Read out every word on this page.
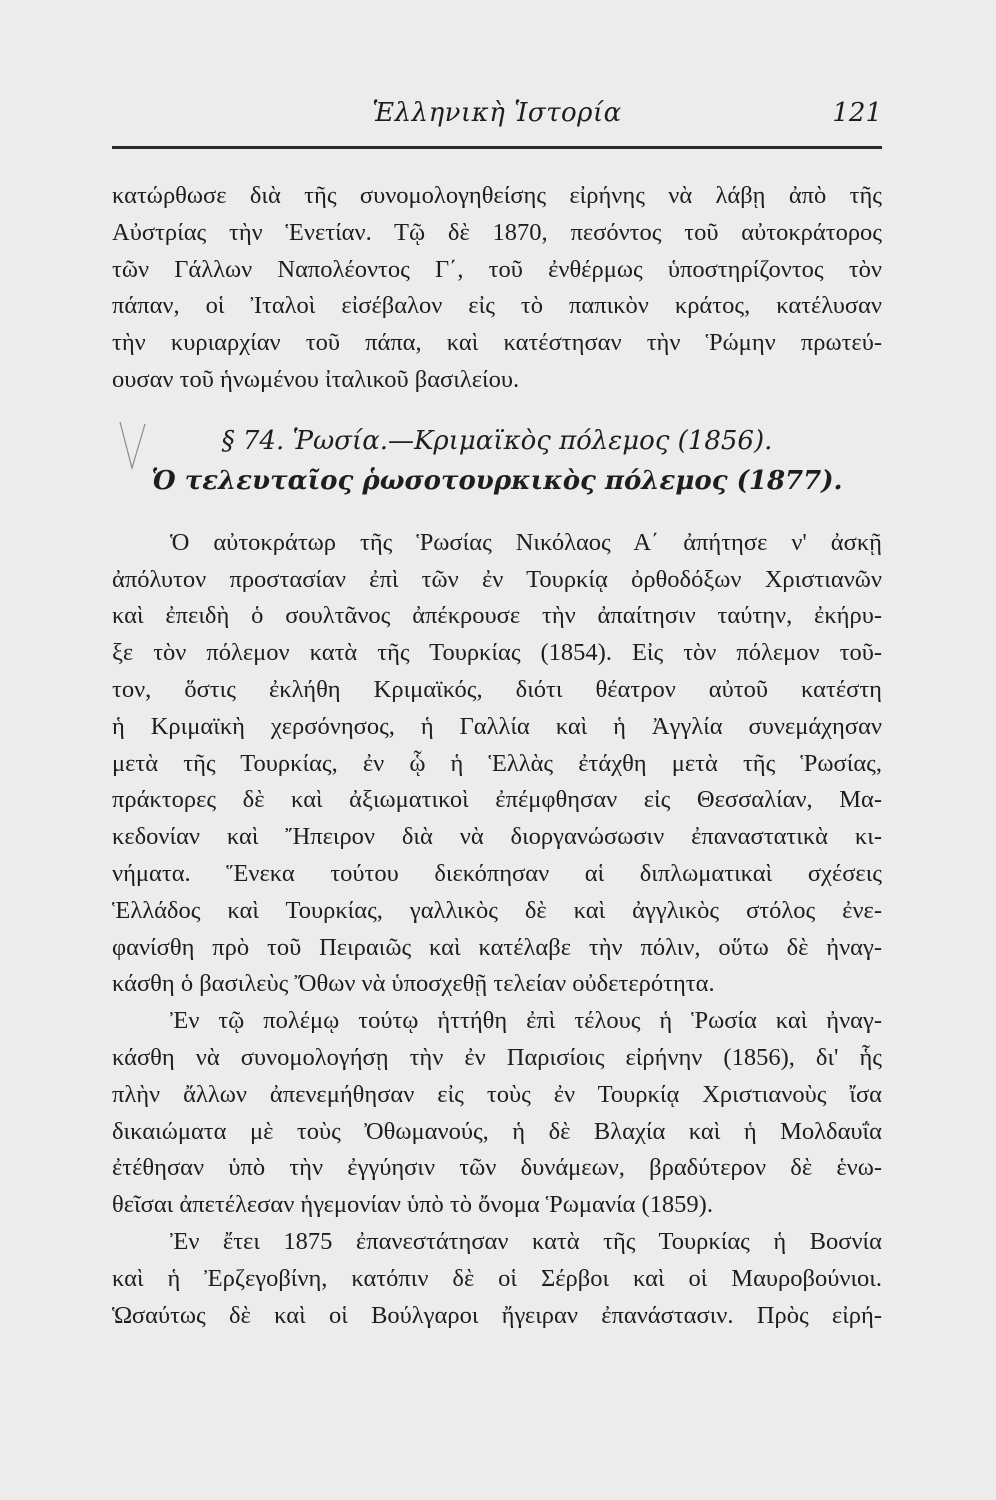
Ἑλληνικὴ Ἱστορία	121
κατώρθωσε διὰ τῆς συνομολογηθείσης εἰρήνης νὰ λάβῃ ἀπὸ τῆς
Αὐστρίας τὴν Ἑνετίαν. Τῷ δὲ 1870, πεσόντος τοῦ αὐτοκράτορος
τῶν Γάλλων Ναπολέοντος Γ΄, τοῦ ἐνθέρμως ὑποστηρίζοντος τὸν
πάπαν, οἱ Ἰταλοὶ εἰσέβαλον εἰς τὸ παπικὸν κράτος, κατέλυσαν
τὴν κυριαρχίαν τοῦ πάπα, καὶ κατέστησαν τὴν Ῥώμην πρωτεύ-
ουσαν τοῦ ἡνωμένου ἰταλικοῦ βασιλείου.
§ 74. Ῥωσία.—Κριμαϊκὸς πόλεμος (1856).
Ὁ τελευταῖος ῥωσοτουρκικὸς πόλεμος (1877).
Ὁ αὐτοκράτωρ τῆς Ῥωσίας Νικόλαος Α΄ ἀπήτησε ν' ἀσκῇ
ἀπόλυτον προστασίαν ἐπὶ τῶν ἐν Τουρκίᾳ ὀρθοδόξων Χριστιανῶν
καὶ ἐπειδὴ ὁ σουλτᾶνος ἀπέκρουσε τὴν ἀπαίτησιν ταύτην, ἐκήρυ-
ξε τὸν πόλεμον κατὰ τῆς Τουρκίας (1854). Εἰς τὸν πόλεμον τοῦ-
τον, ὅστις ἐκλήθη Κριμαϊκός, διότι θέατρον αὐτοῦ κατέστη
ἡ Κριμαϊκὴ χερσόνησος, ἡ Γαλλία καὶ ἡ Ἀγγλία συνεμάχησαν
μετὰ τῆς Τουρκίας, ἐν ᾧ ἡ Ἑλλὰς ἐτάχθη μετὰ τῆς Ῥωσίας,
πράκτορες δὲ καὶ ἀξιωματικοὶ ἐπέμφθησαν εἰς Θεσσαλίαν, Μα-
κεδονίαν καὶ Ἤπειρον διὰ νὰ διοργανώσωσιν ἐπαναστατικὰ κι-
νήματα. Ἕνεκα τούτου διεκόπησαν αἱ διπλωματικαὶ σχέσεις
Ἑλλάδος καὶ Τουρκίας, γαλλικὸς δὲ καὶ ἀγγλικὸς στόλος ἐνε-
φανίσθη πρὸ τοῦ Πειραιῶς καὶ κατέλαβε τὴν πόλιν, οὕτω δὲ ἠναγ-
κάσθη ὁ βασιλεὺς Ὄθων νὰ ὑποσχεθῇ τελείαν οὐδετερότητα.
Ἐν τῷ πολέμῳ τούτῳ ἡττήθη ἐπὶ τέλους ἡ Ῥωσία καὶ ἠναγ-
κάσθη νὰ συνομολογήσῃ τὴν ἐν Παρισίοις εἰρήνην (1856), δι' ἧς
πλὴν ἄλλων ἀπενεμήθησαν εἰς τοὺς ἐν Τουρκίᾳ Χριστιανοὺς ἴσα
δικαιώματα μὲ τοὺς Ὀθωμανούς, ἡ δὲ Βλαχία καὶ ἡ Μολδαυΐα
ἐτέθησαν ὑπὸ τὴν ἐγγύησιν τῶν δυνάμεων, βραδύτερον δὲ ἑνω-
θεῖσαι ἀπετέλεσαν ἡγεμονίαν ὑπὸ τὸ ὄνομα Ῥωμανία (1859).
Ἐν ἔτει 1875 ἐπανεστάτησαν κατὰ τῆς Τουρκίας ἡ Βοσνία
καὶ ἡ Ἐρζεγοβίνη, κατόπιν δὲ οἱ Σέρβοι καὶ οἱ Μαυροβούνιοι.
Ὡσαύτως δὲ καὶ οἱ Βούλγαροι ἤγειραν ἐπανάστασιν. Πρὸς εἰρή-
